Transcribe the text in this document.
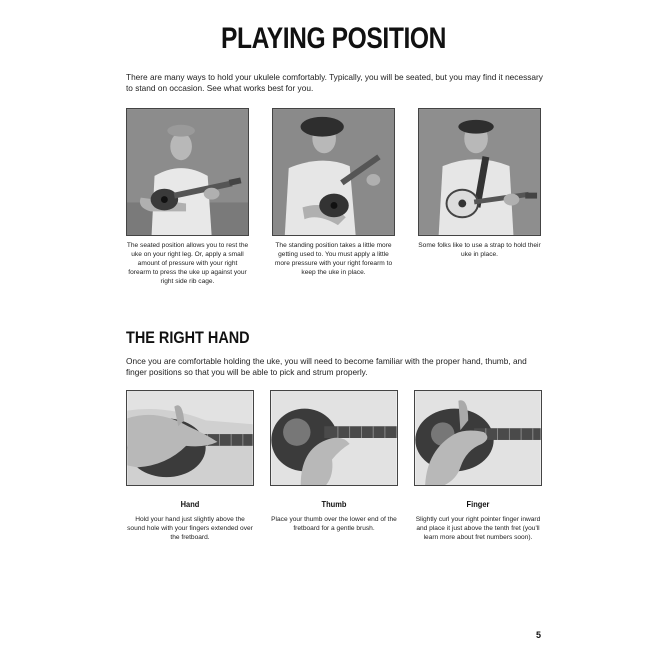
PLAYING POSITION
There are many ways to hold your ukulele comfortably. Typically, you will be seated, but you may find it necessary to stand on occasion. See what works best for you.
The seated position allows you to rest the uke on your right leg. Or, apply a small amount of pressure with your right forearm to press the uke up against your right side rib cage.
The standing position takes a little more getting used to. You must apply a little more pressure with your right forearm to keep the uke in place.
Some folks like to use a strap to hold their uke in place.
THE RIGHT HAND
Once you are comfortable holding the uke, you will need to become familiar with the proper hand, thumb, and finger positions so that you will be able to pick and strum properly.
Hand	Thumb	Finger
Hold your hand just slightly above the sound hole with your fingers extended over the fretboard.
Place your thumb over the lower end of the fretboard for a gentle brush.
Slightly curl your right pointer finger inward and place it just above the tenth fret (you'll learn more about fret numbers soon).
5
